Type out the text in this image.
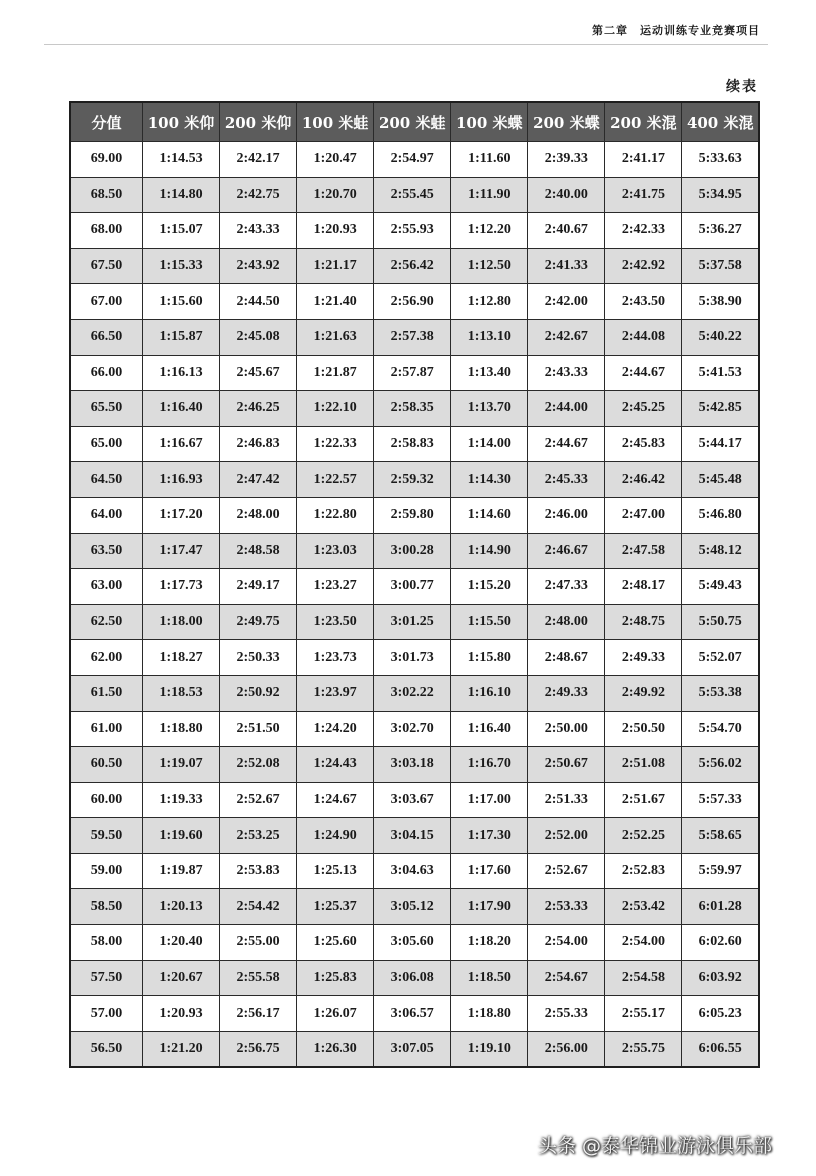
第二章　运动训练专业竞赛项目
续表
分值	100 米仰	200 米仰	100 米蛙	200 米蛙	100 米蝶	200 米蝶	200 米混	400 米混
69.00	1:14.53	2:42.17	1:20.47	2:54.97	1:11.60	2:39.33	2:41.17	5:33.63
68.50	1:14.80	2:42.75	1:20.70	2:55.45	1:11.90	2:40.00	2:41.75	5:34.95
68.00	1:15.07	2:43.33	1:20.93	2:55.93	1:12.20	2:40.67	2:42.33	5:36.27
67.50	1:15.33	2:43.92	1:21.17	2:56.42	1:12.50	2:41.33	2:42.92	5:37.58
67.00	1:15.60	2:44.50	1:21.40	2:56.90	1:12.80	2:42.00	2:43.50	5:38.90
66.50	1:15.87	2:45.08	1:21.63	2:57.38	1:13.10	2:42.67	2:44.08	5:40.22
66.00	1:16.13	2:45.67	1:21.87	2:57.87	1:13.40	2:43.33	2:44.67	5:41.53
65.50	1:16.40	2:46.25	1:22.10	2:58.35	1:13.70	2:44.00	2:45.25	5:42.85
65.00	1:16.67	2:46.83	1:22.33	2:58.83	1:14.00	2:44.67	2:45.83	5:44.17
64.50	1:16.93	2:47.42	1:22.57	2:59.32	1:14.30	2:45.33	2:46.42	5:45.48
64.00	1:17.20	2:48.00	1:22.80	2:59.80	1:14.60	2:46.00	2:47.00	5:46.80
63.50	1:17.47	2:48.58	1:23.03	3:00.28	1:14.90	2:46.67	2:47.58	5:48.12
63.00	1:17.73	2:49.17	1:23.27	3:00.77	1:15.20	2:47.33	2:48.17	5:49.43
62.50	1:18.00	2:49.75	1:23.50	3:01.25	1:15.50	2:48.00	2:48.75	5:50.75
62.00	1:18.27	2:50.33	1:23.73	3:01.73	1:15.80	2:48.67	2:49.33	5:52.07
61.50	1:18.53	2:50.92	1:23.97	3:02.22	1:16.10	2:49.33	2:49.92	5:53.38
61.00	1:18.80	2:51.50	1:24.20	3:02.70	1:16.40	2:50.00	2:50.50	5:54.70
60.50	1:19.07	2:52.08	1:24.43	3:03.18	1:16.70	2:50.67	2:51.08	5:56.02
60.00	1:19.33	2:52.67	1:24.67	3:03.67	1:17.00	2:51.33	2:51.67	5:57.33
59.50	1:19.60	2:53.25	1:24.90	3:04.15	1:17.30	2:52.00	2:52.25	5:58.65
59.00	1:19.87	2:53.83	1:25.13	3:04.63	1:17.60	2:52.67	2:52.83	5:59.97
58.50	1:20.13	2:54.42	1:25.37	3:05.12	1:17.90	2:53.33	2:53.42	6:01.28
58.00	1:20.40	2:55.00	1:25.60	3:05.60	1:18.20	2:54.00	2:54.00	6:02.60
57.50	1:20.67	2:55.58	1:25.83	3:06.08	1:18.50	2:54.67	2:54.58	6:03.92
57.00	1:20.93	2:56.17	1:26.07	3:06.57	1:18.80	2:55.33	2:55.17	6:05.23
56.50	1:21.20	2:56.75	1:26.30	3:07.05	1:19.10	2:56.00	2:55.75	6:06.55
头条 @泰华锦业游泳俱乐部
